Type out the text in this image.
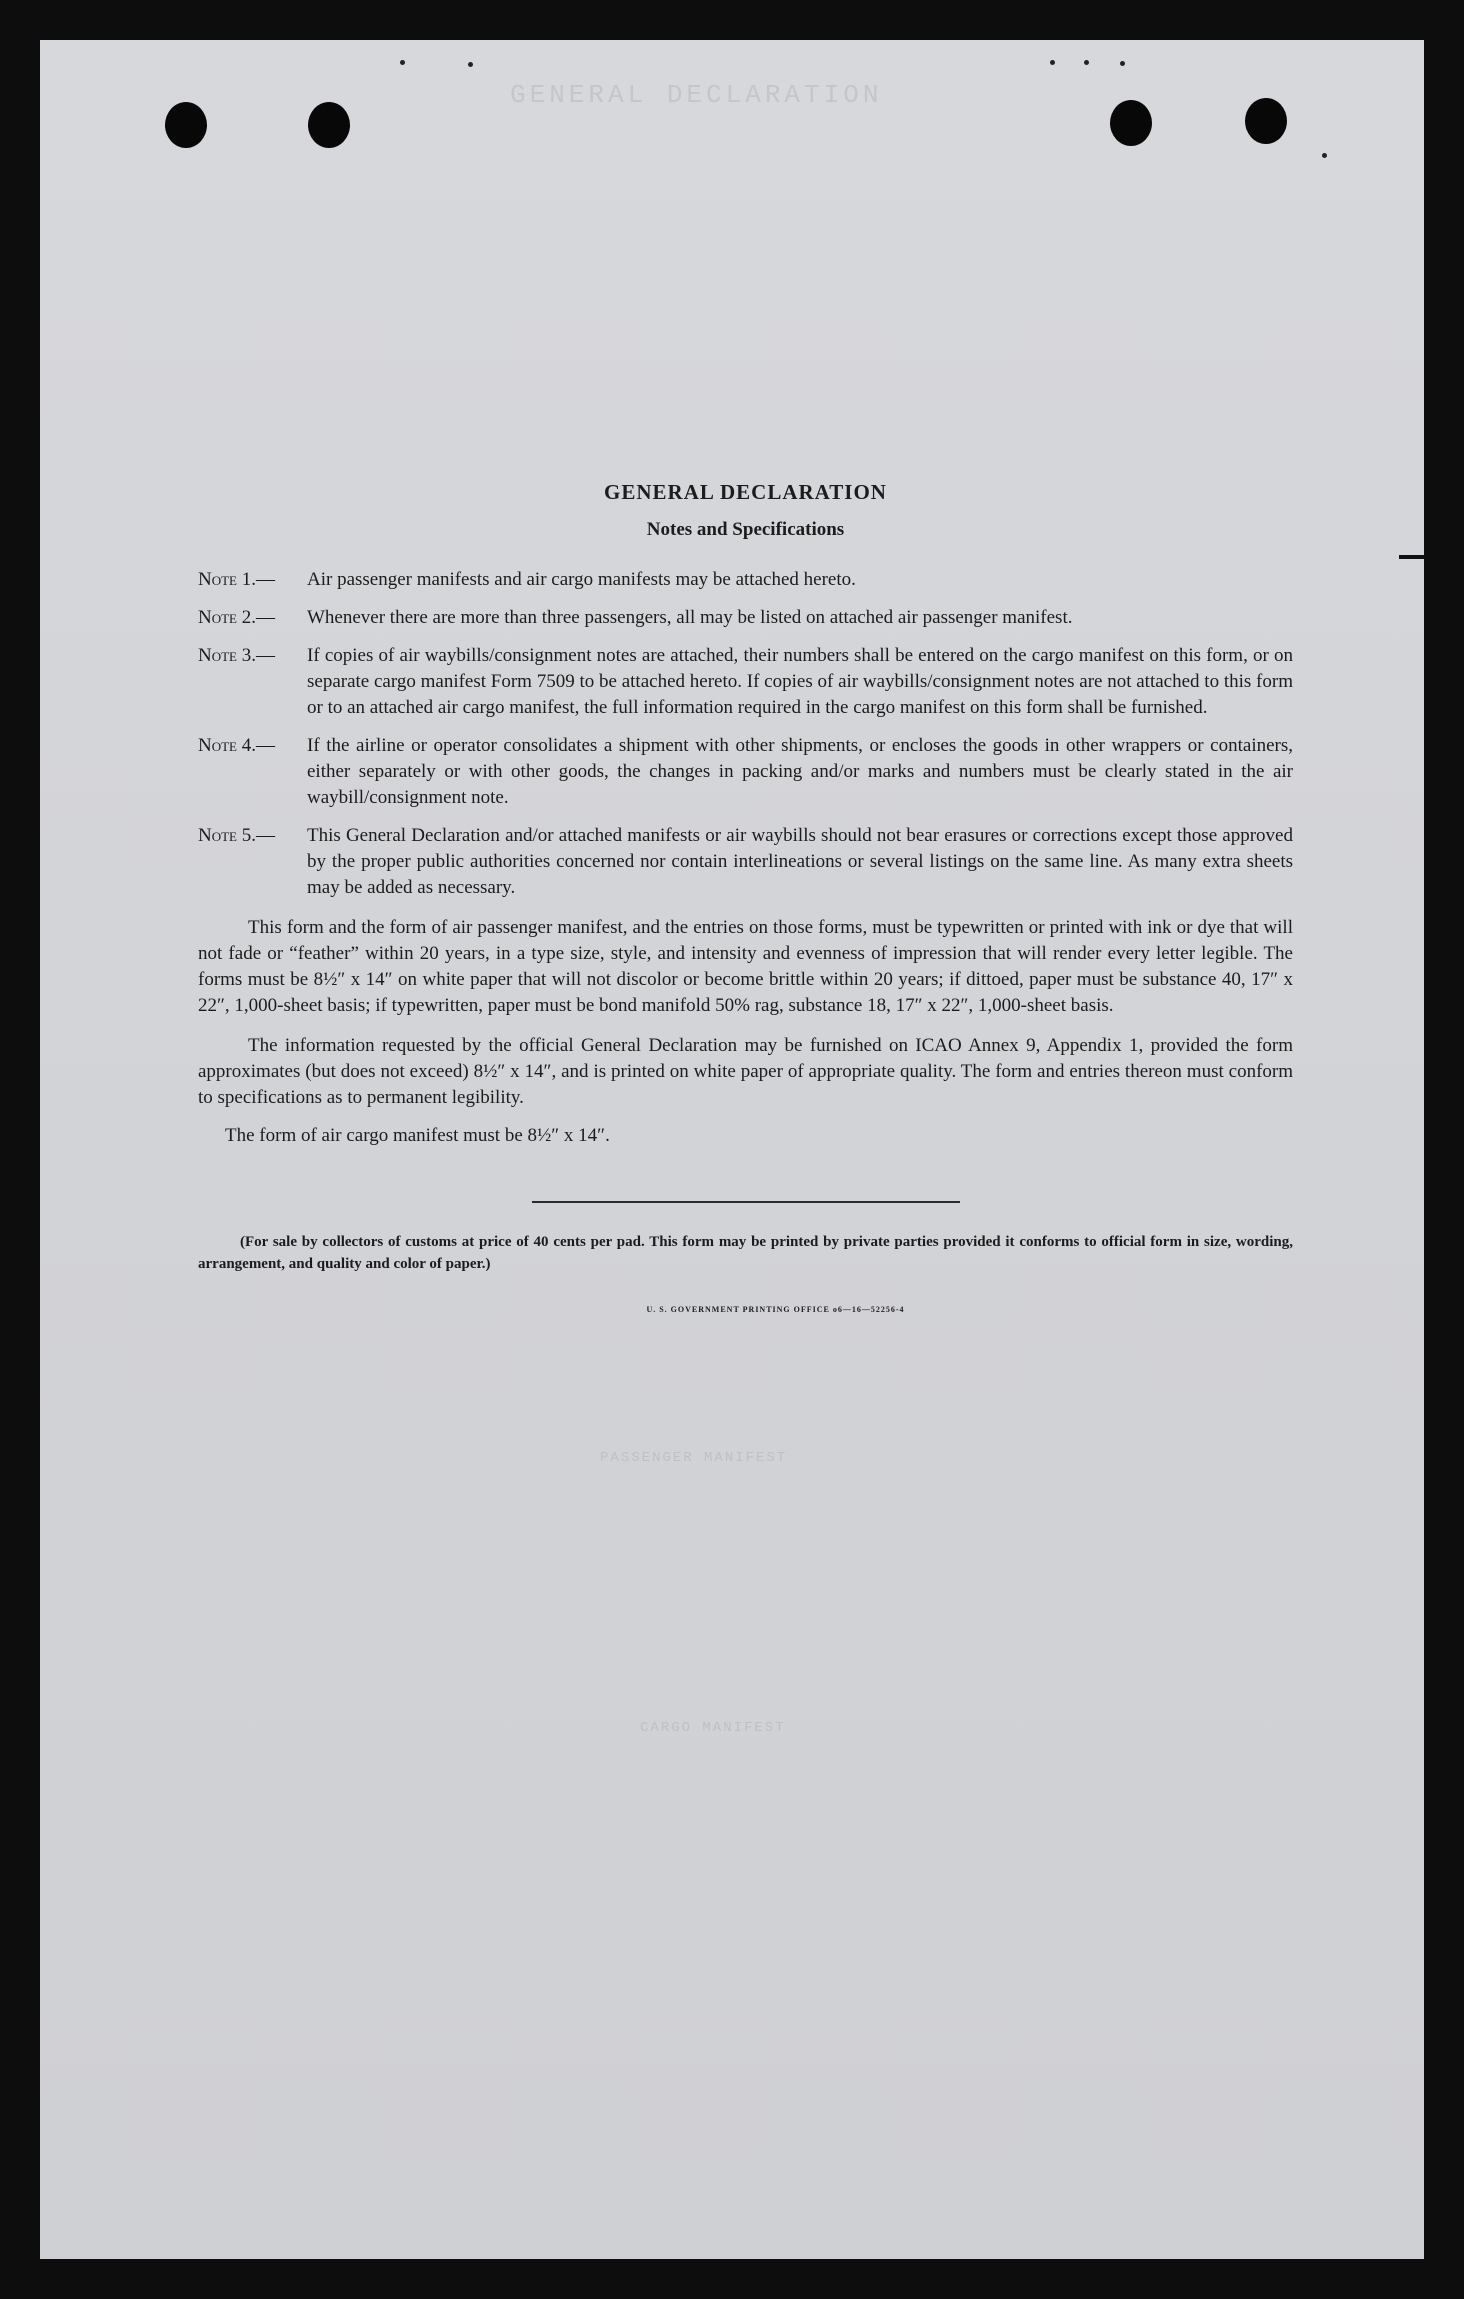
GENERAL DECLARATION
PASSENGER MANIFEST
CARGO MANIFEST
GENERAL DECLARATION
Notes and Specifications
Note 1.— Air passenger manifests and air cargo manifests may be attached hereto.
Note 2.— Whenever there are more than three passengers, all may be listed on attached air passenger manifest.
Note 3.— If copies of air waybills/consignment notes are attached, their numbers shall be entered on the cargo manifest on this form, or on separate cargo manifest Form 7509 to be attached hereto. If copies of air waybills/consignment notes are not attached to this form or to an attached air cargo manifest, the full information required in the cargo manifest on this form shall be furnished.
Note 4.— If the airline or operator consolidates a shipment with other shipments, or encloses the goods in other wrappers or containers, either separately or with other goods, the changes in packing and/or marks and numbers must be clearly stated in the air waybill/consignment note.
Note 5.— This General Declaration and/or attached manifests or air waybills should not bear erasures or corrections except those approved by the proper public authorities concerned nor contain interlineations or several listings on the same line. As many extra sheets may be added as necessary.

This form and the form of air passenger manifest, and the entries on those forms, must be typewritten or printed with ink or dye that will not fade or “feather” within 20 years, in a type size, style, and intensity and evenness of impression that will render every letter legible. The forms must be 8½″ x 14″ on white paper that will not discolor or become brittle within 20 years; if dittoed, paper must be substance 40, 17″ x 22″, 1,000-sheet basis; if typewritten, paper must be bond manifold 50% rag, substance 18, 17″ x 22″, 1,000-sheet basis.

The information requested by the official General Declaration may be furnished on ICAO Annex 9, Appendix 1, provided the form approximates (but does not exceed) 8½″ x 14″, and is printed on white paper of appropriate quality. The form and entries thereon must conform to specifications as to permanent legibility.

The form of air cargo manifest must be 8½″ x 14″.

(For sale by collectors of customs at price of 40 cents per pad. This form may be printed by private parties provided it conforms to official form in size, wording, arrangement, and quality and color of paper.)
U. S. GOVERNMENT PRINTING OFFICE o6—16—52256-4
